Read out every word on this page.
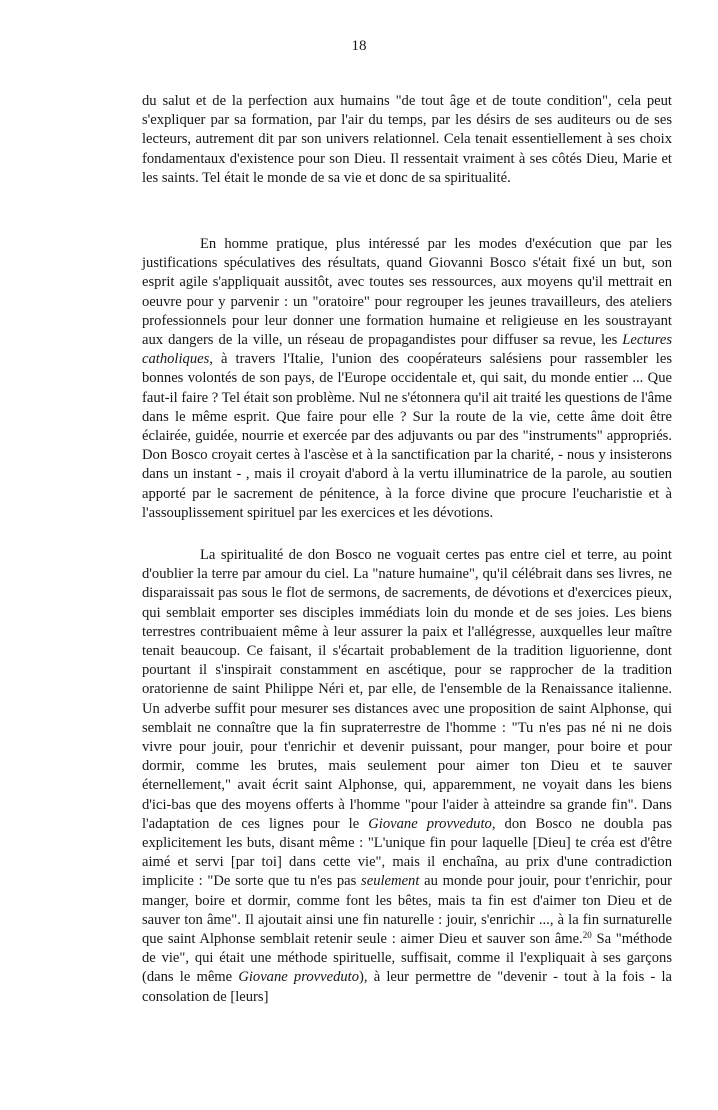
18

du salut et de la perfection aux humains "de tout âge et de toute condition", cela peut s'expliquer par sa formation, par l'air du temps, par les désirs de ses auditeurs ou de ses lecteurs, autrement dit par son univers relationnel. Cela tenait essentiellement à ses choix fondamentaux d'existence pour son Dieu. Il ressentait vraiment à ses côtés Dieu, Marie et les saints. Tel était le monde de sa vie et donc de sa spiritualité.

En homme pratique, plus intéressé par les modes d'exécution que par les justifications spéculatives des résultats, quand Giovanni Bosco s'était fixé un but, son esprit agile s'appliquait aussitôt, avec toutes ses ressources, aux moyens qu'il mettrait en oeuvre pour y parvenir : un "oratoire" pour regrouper les jeunes travailleurs, des ateliers professionnels pour leur donner une formation humaine et religieuse en les soustrayant aux dangers de la ville, un réseau de propagandistes pour diffuser sa revue, les Lectures catholiques, à travers l'Italie, l'union des coopérateurs salésiens pour rassembler les bonnes volontés de son pays, de l'Europe occidentale et, qui sait, du monde entier ... Que faut-il faire ? Tel était son problème. Nul ne s'étonnera qu'il ait traité les questions de l'âme dans le même esprit. Que faire pour elle ? Sur la route de la vie, cette âme doit être éclairée, guidée, nourrie et exercée par des adjuvants ou par des "instruments" appropriés. Don Bosco croyait certes à l'ascèse et à la sanctification par la charité, - nous y insisterons dans un instant - , mais il croyait d'abord à la vertu illuminatrice de la parole, au soutien apporté par le sacrement de pénitence, à la force divine que procure l'eucharistie et à l'assouplissement spirituel par les exercices et les dévotions.

La spiritualité de don Bosco ne voguait certes pas entre ciel et terre, au point d'oublier la terre par amour du ciel. La "nature humaine", qu'il célébrait dans ses livres, ne disparaissait pas sous le flot de sermons, de sacrements, de dévotions et d'exercices pieux, qui semblait emporter ses disciples immédiats loin du monde et de ses joies. Les biens terrestres contribuaient même à leur assurer la paix et l'allégresse, auxquelles leur maître tenait beaucoup. Ce faisant, il s'écartait probablement de la tradition liguorienne, dont pourtant il s'inspirait constamment en ascétique, pour se rapprocher de la tradition oratorienne de saint Philippe Néri et, par elle, de l'ensemble de la Renaissance italienne. Un adverbe suffit pour mesurer ses distances avec une proposition de saint Alphonse, qui semblait ne connaître que la fin supraterrestre de l'homme : "Tu n'es pas né ni ne dois vivre pour jouir, pour t'enrichir et devenir puissant, pour manger, pour boire et pour dormir, comme les brutes, mais seulement pour aimer ton Dieu et te sauver éternellement," avait écrit saint Alphonse, qui, apparemment, ne voyait dans les biens d'ici-bas que des moyens offerts à l'homme "pour l'aider à atteindre sa grande fin". Dans l'adaptation de ces lignes pour le Giovane provveduto, don Bosco ne doubla pas explicitement les buts, disant même : "L'unique fin pour laquelle [Dieu] te créa est d'être aimé et servi [par toi] dans cette vie", mais il enchaîna, au prix d'une contradiction implicite : "De sorte que tu n'es pas seulement au monde pour jouir, pour t'enrichir, pour manger, boire et dormir, comme font les bêtes, mais ta fin est d'aimer ton Dieu et de sauver ton âme". Il ajoutait ainsi une fin naturelle : jouir, s'enrichir ..., à la fin surnaturelle que saint Alphonse semblait retenir seule : aimer Dieu et sauver son âme.$^{20}$ Sa "méthode de vie", qui était une méthode spirituelle, suffisait, comme il l'expliquait à ses garçons (dans le même Giovane provveduto), à leur permettre de "devenir - tout à la fois - la consolation de [leurs]
